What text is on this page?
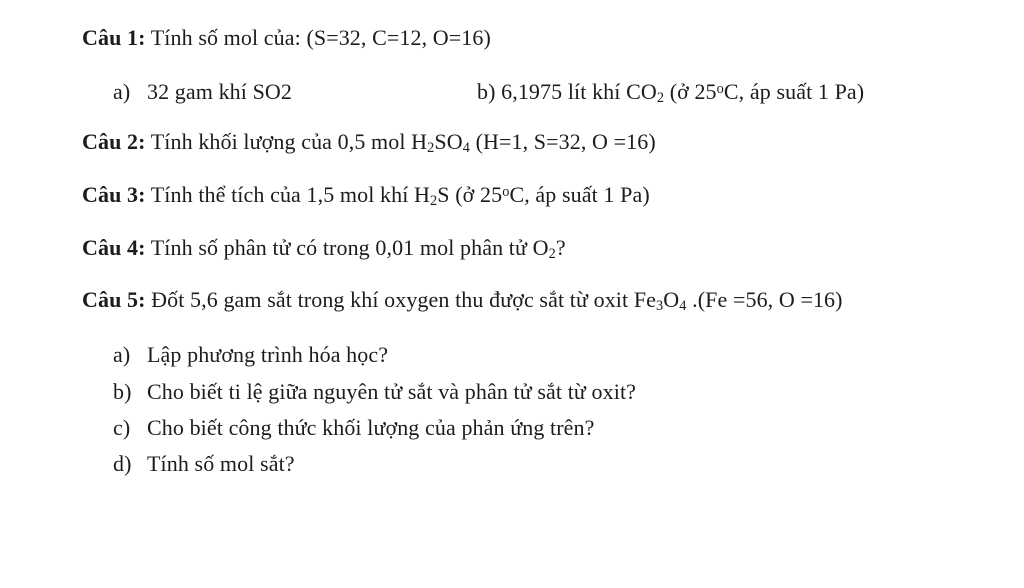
Câu 1: Tính số mol của: (S=32, C=12, O=16)
a) 32 gam khí SO2	b) 6,1975 lít khí $CO_2$ (ở 25$^o$C, áp suất 1 Pa)
Câu 2: Tính khối lượng của 0,5 mol $H_2SO_4$ (H=1, S=32, O =16)
Câu 3: Tính thể tích của 1,5 mol khí $H_2S$ (ở 25$^o$C, áp suất 1 Pa)
Câu 4: Tính số phân tử có trong 0,01 mol phân tử $O_2$?
Câu 5: Đốt 5,6 gam sắt trong khí oxygen thu được sắt từ oxit $Fe_3O_4$ .(Fe =56, O =16)
a) Lập phương trình hóa học?
b) Cho biết ti lệ giữa nguyên tử sắt và phân tử sắt từ oxit?
c) Cho biết công thức khối lượng của phản ứng trên?
d) Tính số mol sắt?
